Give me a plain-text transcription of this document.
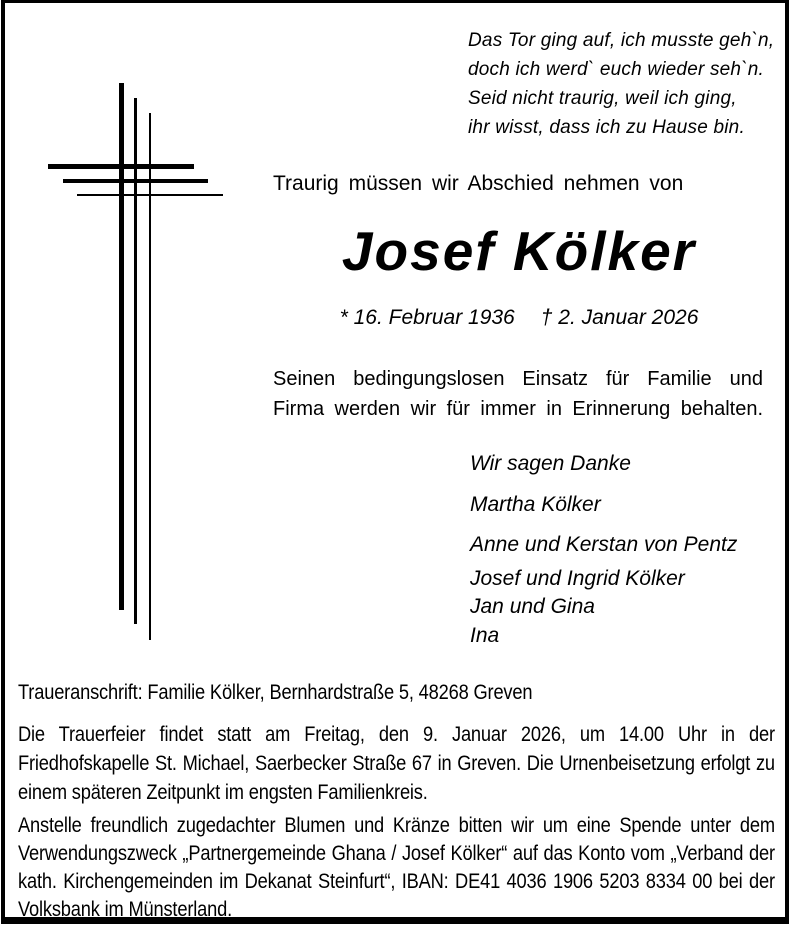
Das Tor ging auf, ich musste geh`n,
doch ich werd` euch wieder seh`n.
Seid nicht traurig, weil ich ging,
ihr wisst, dass ich zu Hause bin.
Traurig müssen wir Abschied nehmen von
Josef Kölker
* 16. Februar 1936 † 2. Januar 2026
Seinen bedingungslosen Einsatz für Familie und
Firma werden wir für immer in Erinnerung behalten.
Wir sagen Danke
Martha Kölker
Anne und Kerstan von Pentz
Josef und Ingrid Kölker
Jan und Gina
Ina
Traueranschrift: Familie Kölker, Bernhardstraße 5, 48268 Greven
Die Trauerfeier findet statt am Freitag, den 9. Januar 2026, um 14.00 Uhr in der Friedhofskapelle St. Michael, Saerbecker Straße 67 in Greven. Die Urnenbeisetzung erfolgt zu einem späteren Zeitpunkt im engsten Familienkreis.
Anstelle freundlich zugedachter Blumen und Kränze bitten wir um eine Spende unter dem Verwendungszweck „Partnergemeinde Ghana / Josef Kölker“ auf das Konto vom „Verband der kath. Kirchengemeinden im Dekanat Steinfurt“, IBAN: DE41 4036 1906 5203 8334 00 bei der Volksbank im Münsterland.
